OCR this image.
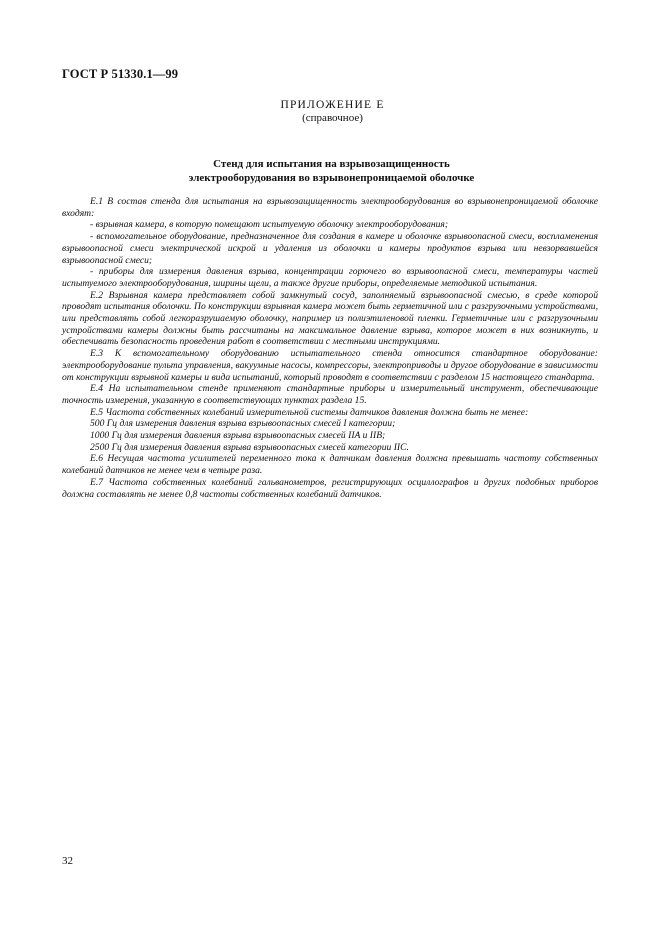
ГОСТ Р 51330.1—99
ПРИЛОЖЕНИЕ Е
(справочное)
Стенд для испытания на взрывозащищенность
электрооборудования во взрывонепроницаемой оболочке

Е.1 В состав стенда для испытания на взрывозащищенность электрооборудования во взрывонепроницаемой оболочке входят:

- взрывная камера, в которую помещают испытуемую оболочку электрооборудования;

- вспомогательное оборудование, предназначенное для создания в камере и оболочке взрывоопасной смеси, воспламенения взрывоопасной смеси электрической искрой и удаления из оболочки и камеры продуктов взрыва или невзорвавшейся взрывоопасной смеси;

- приборы для измерения давления взрыва, концентрации горючего во взрывоопасной смеси, температуры частей испытуемого электрооборудования, ширины щели, а также другие приборы, определяемые методикой испытания.

Е.2 Взрывная камера представляет собой замкнутый сосуд, заполняемый взрывоопасной смесью, в среде которой проводят испытания оболочки. По конструкции взрывная камера может быть герметичной или с разгрузочными устройствами, или представлять собой легкоразрушаемую оболочку, например из полиэтиленовой пленки. Герметичные или с разгрузочными устройствами камеры должны быть рассчитаны на максимальное давление взрыва, которое может в них возникнуть, и обеспечивать безопасность проведения работ в соответствии с местными инструкциями.

Е.3 К вспомогательному оборудованию испытательного стенда относится стандартное оборудование: электрооборудование пульта управления, вакуумные насосы, компрессоры, электроприводы и другое оборудование в зависимости от конструкции взрывной камеры и вида испытаний, который проводят в соответствии с разделом 15 настоящего стандарта.

Е.4 На испытательном стенде применяют стандартные приборы и измерительный инструмент, обеспечивающие точность измерения, указанную в соответствующих пунктах раздела 15.

Е.5 Частота собственных колебаний измерительной системы датчиков давления должна быть не менее:

500 Гц для измерения давления взрыва взрывоопасных смесей I категории;

1000 Гц для измерения давления взрыва взрывоопасных смесей IIA и IIB;

2500 Гц для измерения давления взрыва взрывоопасных смесей категории IIC.

Е.6 Несущая частота усилителей переменного тока к датчикам давления должна превышать частоту собственных колебаний датчиков не менее чем в четыре раза.

Е.7 Частота собственных колебаний гальванометров, регистрирующих осциллографов и других подобных приборов должна составлять не менее 0,8 частоты собственных колебаний датчиков.

32
